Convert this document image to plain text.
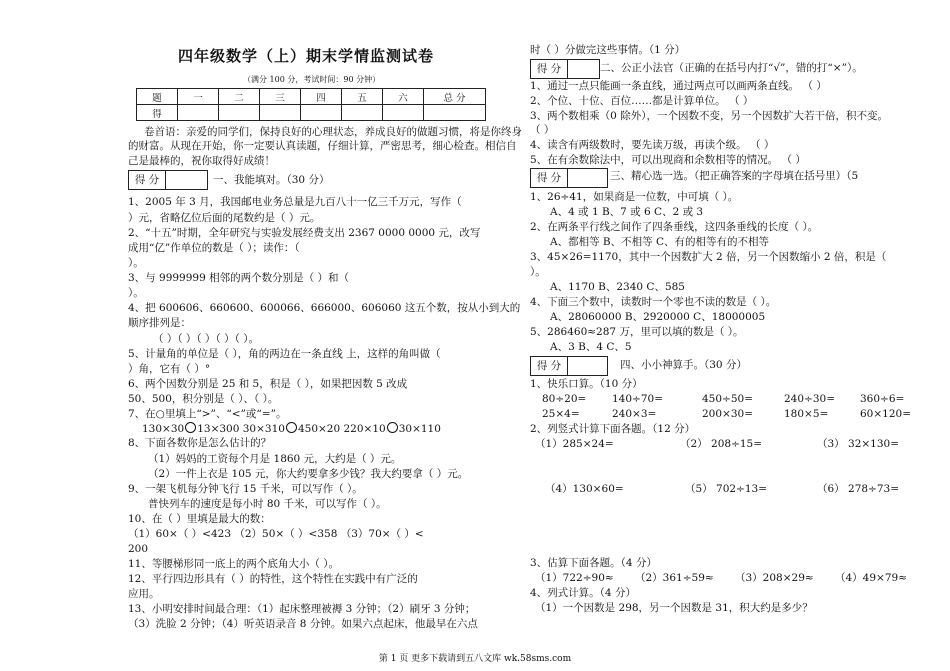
四年级数学（上）期末学情监测试卷
（满分 100 分，考试时间：90 分钟）
题	一	二	三	四	五	六	总 分
得							
卷首语：亲爱的同学们，保持良好的心理状态，养成良好的做题习惯，将是你终身
的财富。从现在开始，你一定要认真读题，仔细计算，严密思考，细心检查。相信自
己是最棒的，祝你取得好成绩！
得 分	一、我能填对。（30 分）
1、2005 年 3 月，我国邮电业务总量是九百八十一亿三千万元，写作（
）元，省略亿位后面的尾数约是（ ）元。
2、“十五”时期，全年研究与实验发展经费支出 2367 0000 0000 元，改写
成用“亿”作单位的数是（ ）；读作：（
）。
3、与 9999999 相邻的两个数分别是（ ）和（
）。
4、把 600606、660600、600066、666000、606060 这五个数，按从小到大的
顺序排列是：
（ ）（ ）（ ）（ ）（ ）。
5、计量角的单位是（ ），角的两边在一条直线 上，这样的角叫做（
）角，它有（ ）°
6、两个因数分别是 25 和 5，积是（ ），如果把因数 5 改成
50、500，积分别是（ ）、（ ）。
7、在○里填上“>”、“<”或“=”。
130×30 13×300 30×310 450×20 220×10 30×110
8、下面各数你是怎么估计的？
（1）妈妈的工资每个月是 1860 元，大约是（ ）元。
（2）一件上衣是 105 元，你大约要拿多少钱？我大约要拿（ ）元。
9、一架飞机每分钟飞行 15 千米，可以写作（ ）。
普快列车的速度是每小时 80 千米，可以写作（ ）。
10、在（ ）里填是最大的数：
（1）60×（ ）<423 （2）50×（ ）<358 （3）70×（ ）<
200
11、等腰梯形同一底上的两个底角大小（ ）。
12、平行四边形具有（ ）的特性，这个特性在实践中有广泛的
应用。
13、小明安排时间最合理：（1）起床整理被褥 3 分钟；（2）刷牙 3 分钟；
（3）洗脸 2 分钟；（4）听英语录音 8 分钟。如果六点起床，他最早在六点
时（ ）分做完这些事情。（1 分）
得 分	二、公正小法官（正确的在括号内打“√”，错的打“×”）。
1、通过一点只能画一条直线，通过两点可以画两条直线。 （ ）
2、个位、十位、百位……都是计算单位。 （ ）
3、两个数相乘（0 除外），一个因数不变，另一个因数扩大若干倍，积不变。
（ ）
4、读含有两级数时，要先读万级，再读个级。 （ ）
5、在有余数除法中，可以出现商和余数相等的情况。 （ ）
得 分	三、精心选一选。（把正确答案的字母填在括号里）（5
1、26÷41，如果商是一位数，中可填（ ）。
A、4 或 1 B、7 或 6 C、2 或 3
2、在两条平行线之间作了四条垂线，这四条垂线的长度（ ）。
A、都相等 B、不相等 C、有的相等有的不相等
3、45×26=1170，其中一个因数扩大 2 倍，另一个因数缩小 2 倍，积是（
）。
A、1170 B、2340 C、585
4、下面三个数中，读数时一个零也不读的数是（ ）。
A、28060000 B、2920000 C、18000005
5、286460≈287 万，里可以填的数是（ ）。
A、3 B、4 C、5
得 分	四、小小神算手。（30 分）
1、快乐口算。（10 分）
80÷20= 140÷70=	450÷50=	240÷30= 360÷6=
25×4=	240×3=	200×30=	180×5=	60×120=
2、列竖式计算下面各题。（12 分）
（1）285×24=	（2） 208÷15=	（3） 32×130=
（4）130×60=	（5） 702÷13=	（6） 278÷73=
3、估算下面各题。（4 分）
（1）722÷90≈ （2）361÷59≈ （3）208×29≈ （4）49×79≈
4、列式计算。（4 分）
（1）一个因数是 298，另一个因数是 31，积大约是多少？
第 1 页 更多下载请到五八文库 wk.58sms.com
